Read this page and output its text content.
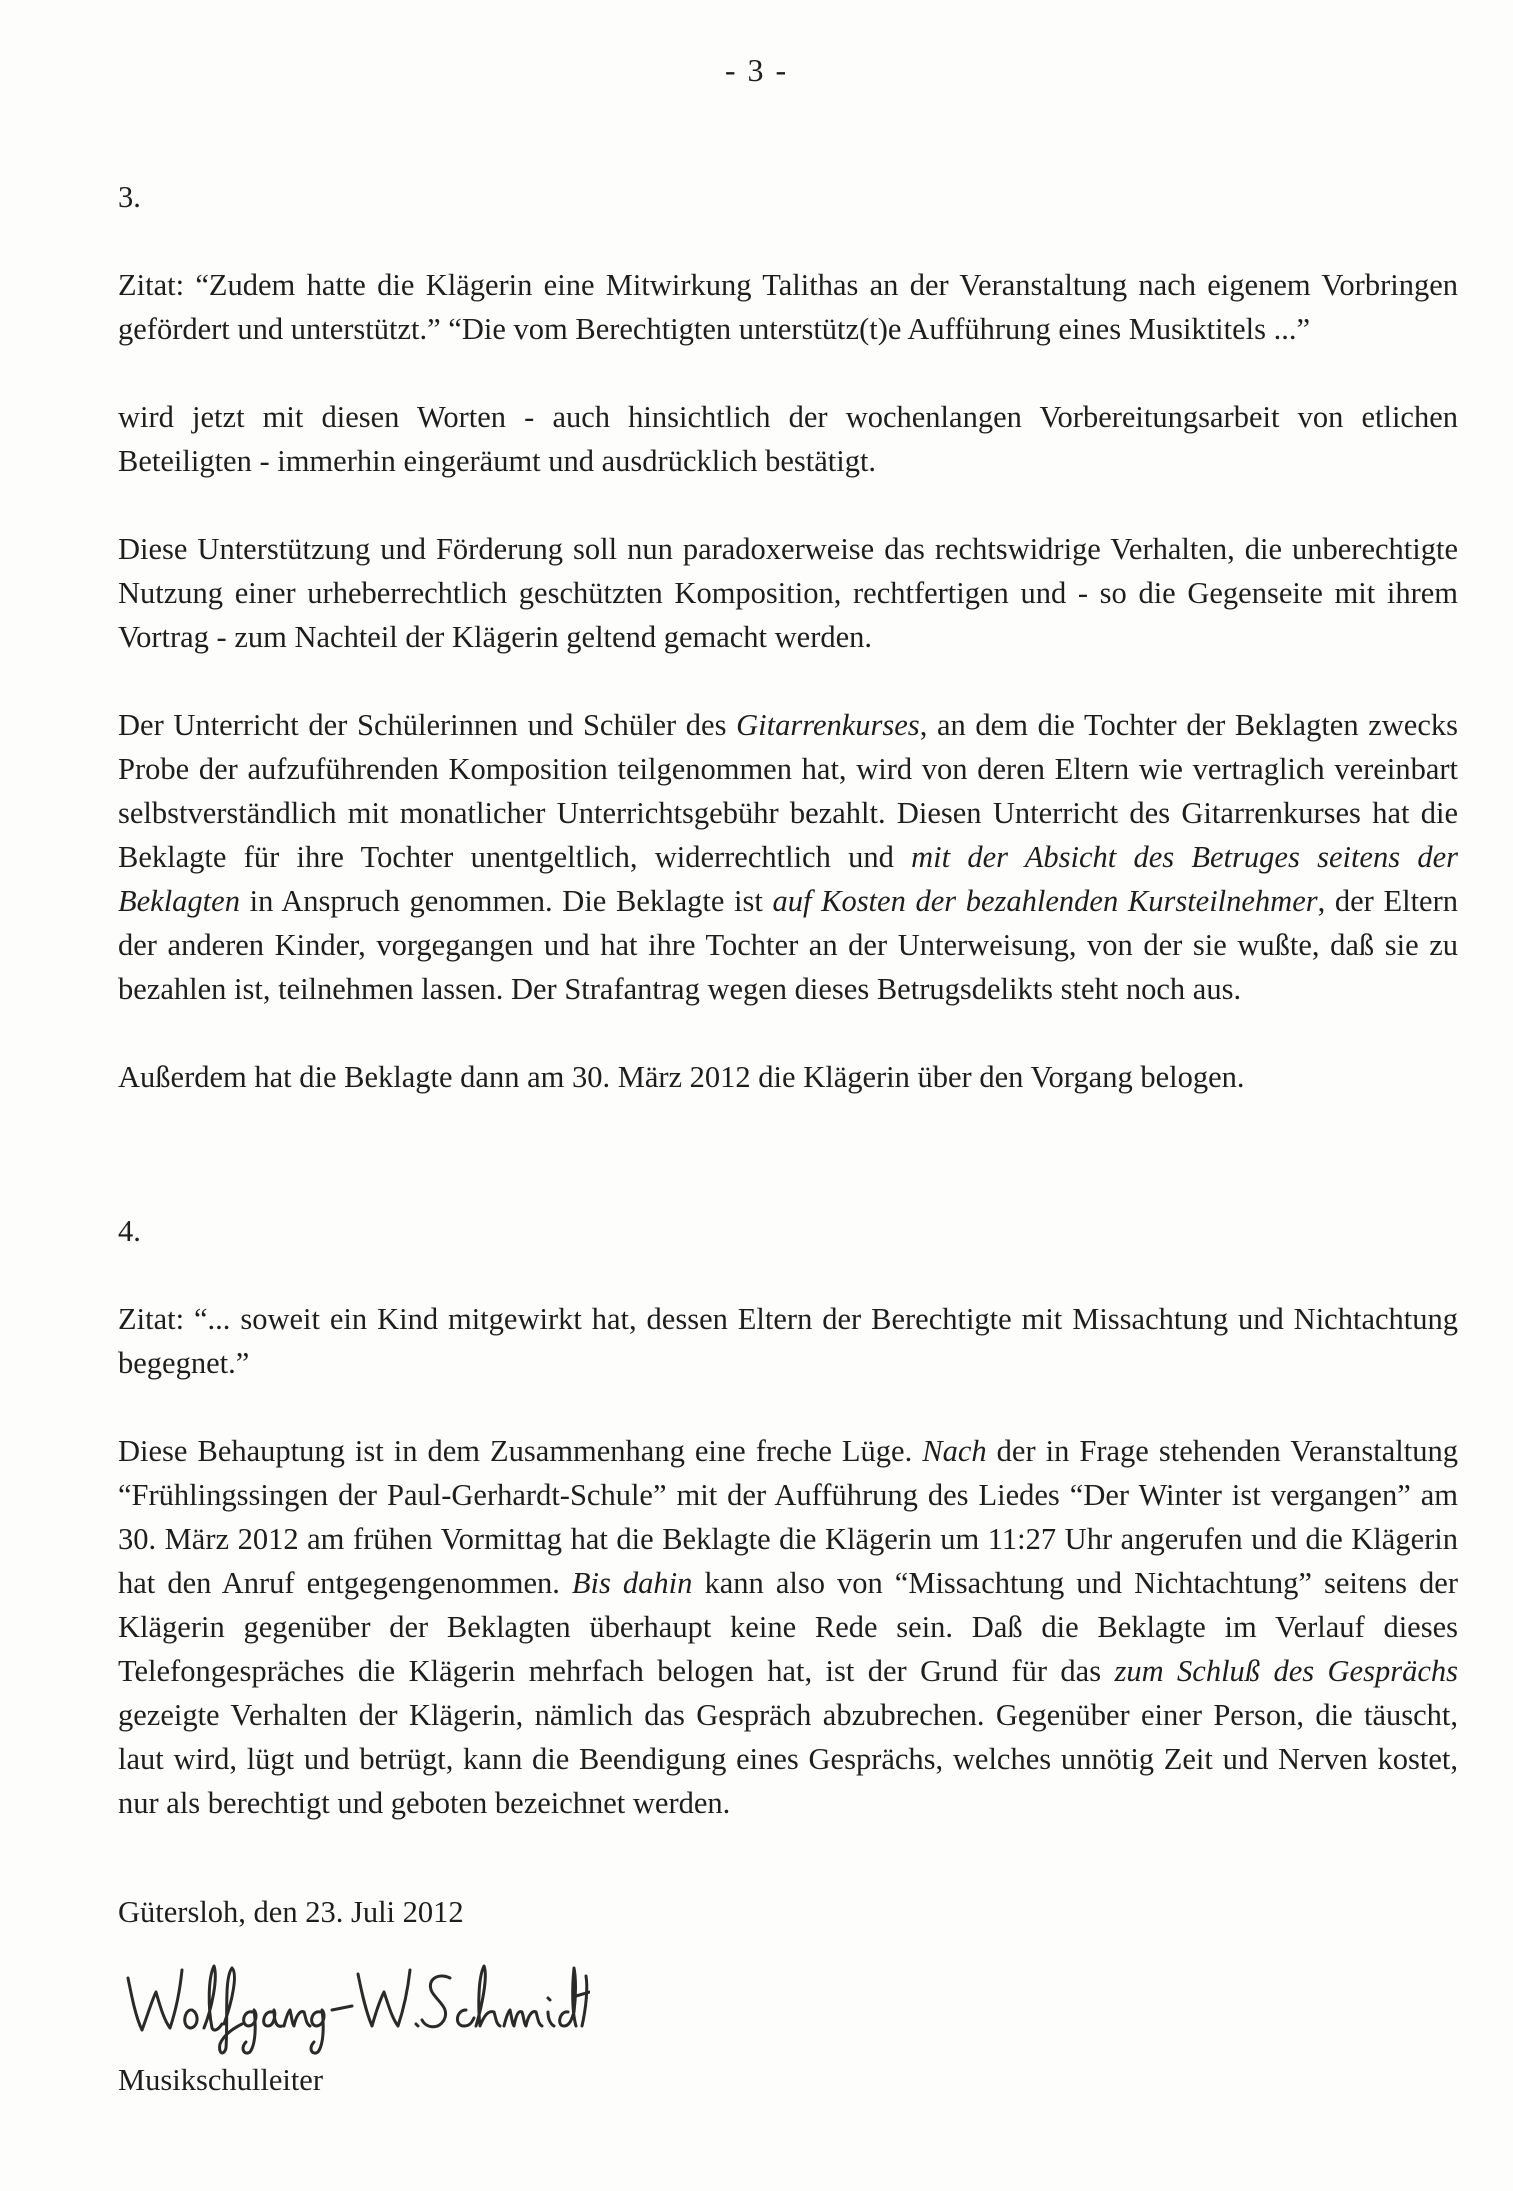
- 3 -
3.

Zitat: “Zudem hatte die Klägerin eine Mitwirkung Talithas an der Veranstaltung nach eigenem Vorbringen gefördert und unterstützt.” “Die vom Berechtigten unterstütz(t)e Aufführung eines Musiktitels ...”

wird jetzt mit diesen Worten - auch hinsichtlich der wochenlangen Vorbereitungsarbeit von etlichen Beteiligten - immerhin eingeräumt und ausdrücklich bestätigt.

Diese Unterstützung und Förderung soll nun paradoxerweise das rechtswidrige Verhalten, die unberechtigte Nutzung einer urheberrechtlich geschützten Komposition, rechtfertigen und - so die Gegenseite mit ihrem Vortrag - zum Nachteil der Klägerin geltend gemacht werden.

Der Unterricht der Schülerinnen und Schüler des Gitarrenkurses, an dem die Tochter der Beklagten zwecks Probe der aufzuführenden Komposition teilgenommen hat, wird von deren Eltern wie vertraglich vereinbart selbstverständlich mit monatlicher Unterrichtsgebühr bezahlt. Diesen Unterricht des Gitarrenkurses hat die Beklagte für ihre Tochter unentgeltlich, widerrechtlich und mit der Absicht des Betruges seitens der Beklagten in Anspruch genommen. Die Beklagte ist auf Kosten der bezahlenden Kursteilnehmer, der Eltern der anderen Kinder, vorgegangen und hat ihre Tochter an der Unterweisung, von der sie wußte, daß sie zu bezahlen ist, teilnehmen lassen. Der Strafantrag wegen dieses Betrugsdelikts steht noch aus.

Außerdem hat die Beklagte dann am 30. März 2012 die Klägerin über den Vorgang belogen.

4.

Zitat: “... soweit ein Kind mitgewirkt hat, dessen Eltern der Berechtigte mit Missachtung und Nichtachtung begegnet.”

Diese Behauptung ist in dem Zusammenhang eine freche Lüge. Nach der in Frage stehenden Veranstaltung “Frühlingssingen der Paul-Gerhardt-Schule” mit der Aufführung des Liedes “Der Winter ist vergangen” am 30. März 2012 am frühen Vormittag hat die Beklagte die Klägerin um 11:27 Uhr angerufen und die Klägerin hat den Anruf entgegengenommen. Bis dahin kann also von “Missachtung und Nichtachtung” seitens der Klägerin gegenüber der Beklagten überhaupt keine Rede sein. Daß die Beklagte im Verlauf dieses Telefongespräches die Klägerin mehrfach belogen hat, ist der Grund für das zum Schluß des Gesprächs gezeigte Verhalten der Klägerin, nämlich das Gespräch abzubrechen. Gegenüber einer Person, die täuscht, laut wird, lügt und betrügt, kann die Beendigung eines Gesprächs, welches unnötig Zeit und Nerven kostet, nur als berechtigt und geboten bezeichnet werden.

Gütersloh, den 23. Juli 2012
Musikschulleiter
